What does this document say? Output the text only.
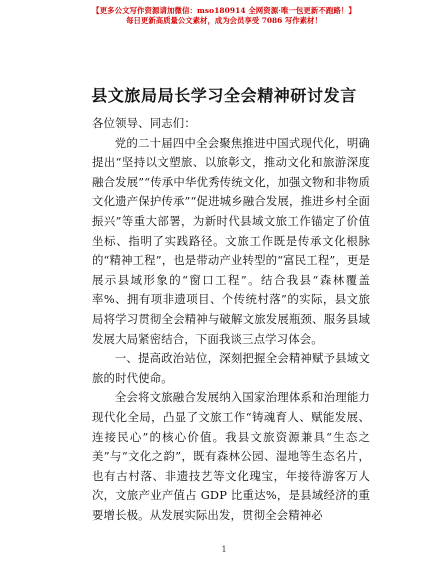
【更多公文写作资源请加微信：mso180914 全网资源·唯一包更新不跑路！】
每日更新高质量公文素材，成为会员享受 7086 写作素材！
县文旅局局长学习全会精神研讨发言

各位领导、同志们：

党的二十届四中全会聚焦推进中国式现代化，明确提出“坚持以文塑旅、以旅彰文，推动文化和旅游深度融合发展”“传承中华优秀传统文化，加强文物和非物质文化遗产保护传承”“促进城乡融合发展，推进乡村全面振兴”等重大部署，为新时代县域文旅工作锚定了价值坐标、指明了实践路径。文旅工作既是传承文化根脉的“精神工程”，也是带动产业转型的“富民工程”，更是展示县域形象的“窗口工程”。结合我县“森林覆盖率%、拥有项非遗项目、个传统村落”的实际，县文旅局将学习贯彻全会精神与破解文旅发展瓶颈、服务县域发展大局紧密结合，下面我谈三点学习体会。

一、提高政治站位，深刻把握全会精神赋予县域文旅的时代使命。

全会将文旅融合发展纳入国家治理体系和治理能力现代化全局，凸显了文旅工作“铸魂育人、赋能发展、连接民心”的核心价值。我县文旅资源兼具“生态之美”与“文化之韵”，既有森林公园、湿地等生态名片，也有古村落、非遗技艺等文化瑰宝，年接待游客万人次，文旅产业产值占 GDP 比重达%，是县域经济的重要增长极。从发展实际出发，贯彻全会精神必

1
